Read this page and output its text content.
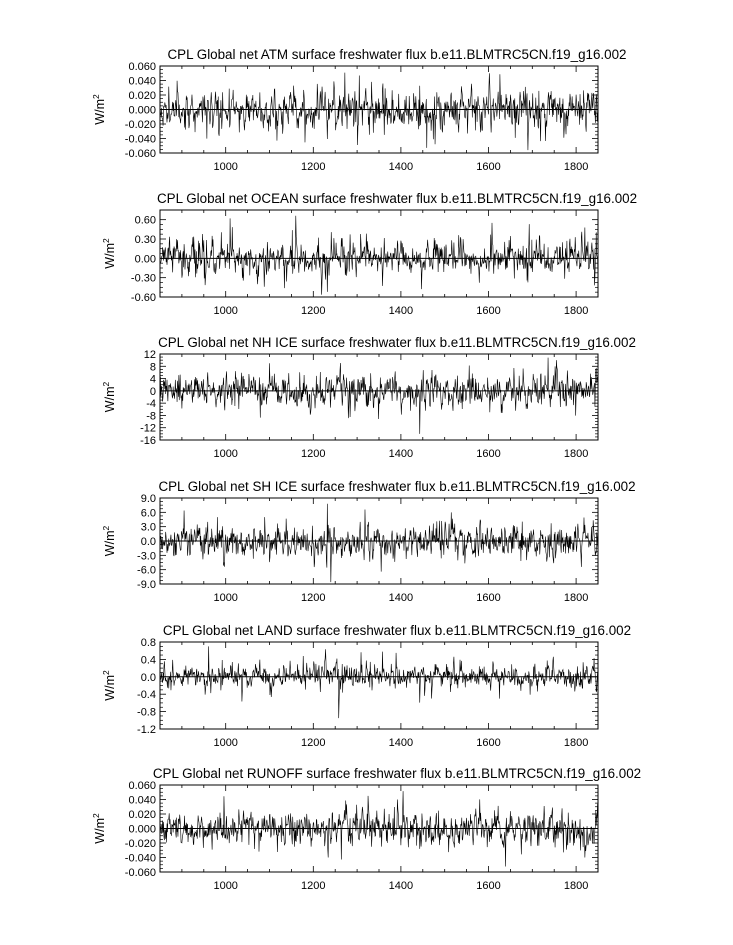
CPL Global net ATM surface freshwater flux b.e11.BLMTRC5CN.f19_g16.002
1000	1200	1400	1600	1800
-0.060
-0.040
-0.020
0.000
0.020
0.040
0.060
$W/m^2$
CPL Global net OCEAN surface freshwater flux b.e11.BLMTRC5CN.f19_g16.002
1000	1200	1400	1600	1800
-0.60
-0.30
0.00
0.30
0.60
$W/m^2$
CPL Global net NH ICE surface freshwater flux b.e11.BLMTRC5CN.f19_g16.002
1000	1200	1400	1600	1800
-16
-12
-8
-4
0
4
8
12
$W/m^2$
CPL Global net SH ICE surface freshwater flux b.e11.BLMTRC5CN.f19_g16.002
1000	1200	1400	1600	1800
-9.0
-6.0
-3.0
0.0
3.0
6.0
9.0
$W/m^2$
CPL Global net LAND surface freshwater flux b.e11.BLMTRC5CN.f19_g16.002
1000	1200	1400	1600	1800
-1.2
-0.8
-0.4
0.0
0.4
0.8
$W/m^2$
CPL Global net RUNOFF surface freshwater flux b.e11.BLMTRC5CN.f19_g16.002
1000	1200	1400	1600	1800
-0.060
-0.040
-0.020
0.000
0.020
0.040
0.060
$W/m^2$
